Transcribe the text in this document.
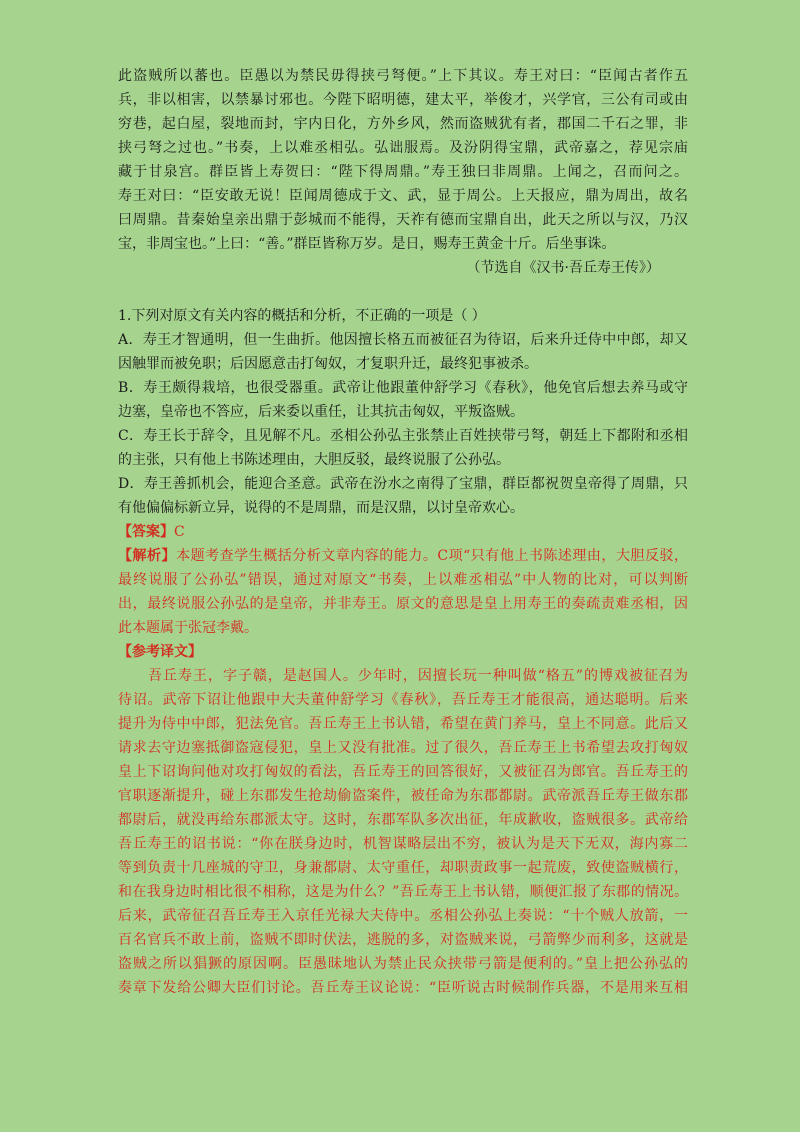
此盗贼所以蕃也。臣愚以为禁民毋得挟弓弩便。”上下其议。寿王对曰：“臣闻古者作五
兵，非以相害，以禁暴讨邪也。今陛下昭明德，建太平，举俊才，兴学官，三公有司或由
穷巷，起白屋，裂地而封，宇内日化，方外乡风，然而盗贼犹有者，郡国二千石之罪，非
挟弓弩之过也。”书奏，上以难丞相弘。弘诎服焉。及汾阴得宝鼎，武帝嘉之，荐见宗庙
藏于甘泉宫。群臣皆上寿贺曰：“陛下得周鼎。”寿王独曰非周鼎。上闻之，召而问之。
寿王对曰：“臣安敢无说！臣闻周德成于文、武，显于周公。上天报应，鼎为周出，故名
曰周鼎。昔秦始皇亲出鼎于彭城而不能得，天祚有德而宝鼎自出，此天之所以与汉，乃汉
宝，非周宝也。”上曰：“善。”群臣皆称万岁。是日，赐寿王黄金十斤。后坐事诛。
（节选自《汉书·吾丘寿王传》）
1.下列对原文有关内容的概括和分析，不正确的一项是（ ）
A．寿王才智通明，但一生曲折。他因擅长格五而被征召为待诏，后来升迁侍中中郎，却又
因触罪而被免职；后因愿意击打匈奴，才复职升迁，最终犯事被杀。
B．寿王颇得栽培，也很受器重。武帝让他跟董仲舒学习《春秋》，他免官后想去养马或守
边塞，皇帝也不答应，后来委以重任，让其抗击匈奴，平叛盗贼。
C．寿王长于辞令，且见解不凡。丞相公孙弘主张禁止百姓挟带弓弩，朝廷上下都附和丞相
的主张，只有他上书陈述理由，大胆反驳，最终说服了公孙弘。
D．寿王善抓机会，能迎合圣意。武帝在汾水之南得了宝鼎，群臣都祝贺皇帝得了周鼎，只
有他偏偏标新立异，说得的不是周鼎，而是汉鼎，以讨皇帝欢心。
【答案】C
【解析】本题考查学生概括分析文章内容的能力。C项“只有他上书陈述理由，大胆反驳，
最终说服了公孙弘”错误，通过对原文“书奏，上以难丞相弘”中人物的比对，可以判断
出，最终说服公孙弘的是皇帝，并非寿王。原文的意思是皇上用寿王的奏疏责难丞相，因
此本题属于张冠李戴。
【参考译文】
吾丘寿王，字子赣，是赵国人。少年时，因擅长玩一种叫做“格五”的博戏被征召为
待诏。武帝下诏让他跟中大夫董仲舒学习《春秋》，吾丘寿王才能很高，通达聪明。后来
提升为侍中中郎，犯法免官。吾丘寿王上书认错，希望在黄门养马，皇上不同意。此后又
请求去守边塞抵御盗寇侵犯，皇上又没有批准。过了很久，吾丘寿王上书希望去攻打匈奴
皇上下诏询问他对攻打匈奴的看法，吾丘寿王的回答很好，又被征召为郎官。吾丘寿王的
官职逐渐提升，碰上东郡发生抢劫偷盗案件，被任命为东郡都尉。武帝派吾丘寿王做东郡
都尉后，就没再给东郡派太守。这时，东郡军队多次出征，年成歉收，盗贼很多。武帝给
吾丘寿王的诏书说：“你在朕身边时，机智谋略层出不穷，被认为是天下无双，海内寡二
等到负责十几座城的守卫，身兼都尉、太守重任，却职责政事一起荒废，致使盗贼横行，
和在我身边时相比很不相称，这是为什么？”吾丘寿王上书认错，顺便汇报了东郡的情况。
后来，武帝征召吾丘寿王入京任光禄大夫侍中。丞相公孙弘上奏说：“十个贼人放箭，一
百名官兵不敢上前，盗贼不即时伏法，逃脱的多，对盗贼来说，弓箭弊少而利多，这就是
盗贼之所以猖獗的原因啊。臣愚昧地认为禁止民众挟带弓箭是便利的。”皇上把公孙弘的
奏章下发给公卿大臣们讨论。吾丘寿王议论说：“臣听说古时候制作兵器，不是用来互相
